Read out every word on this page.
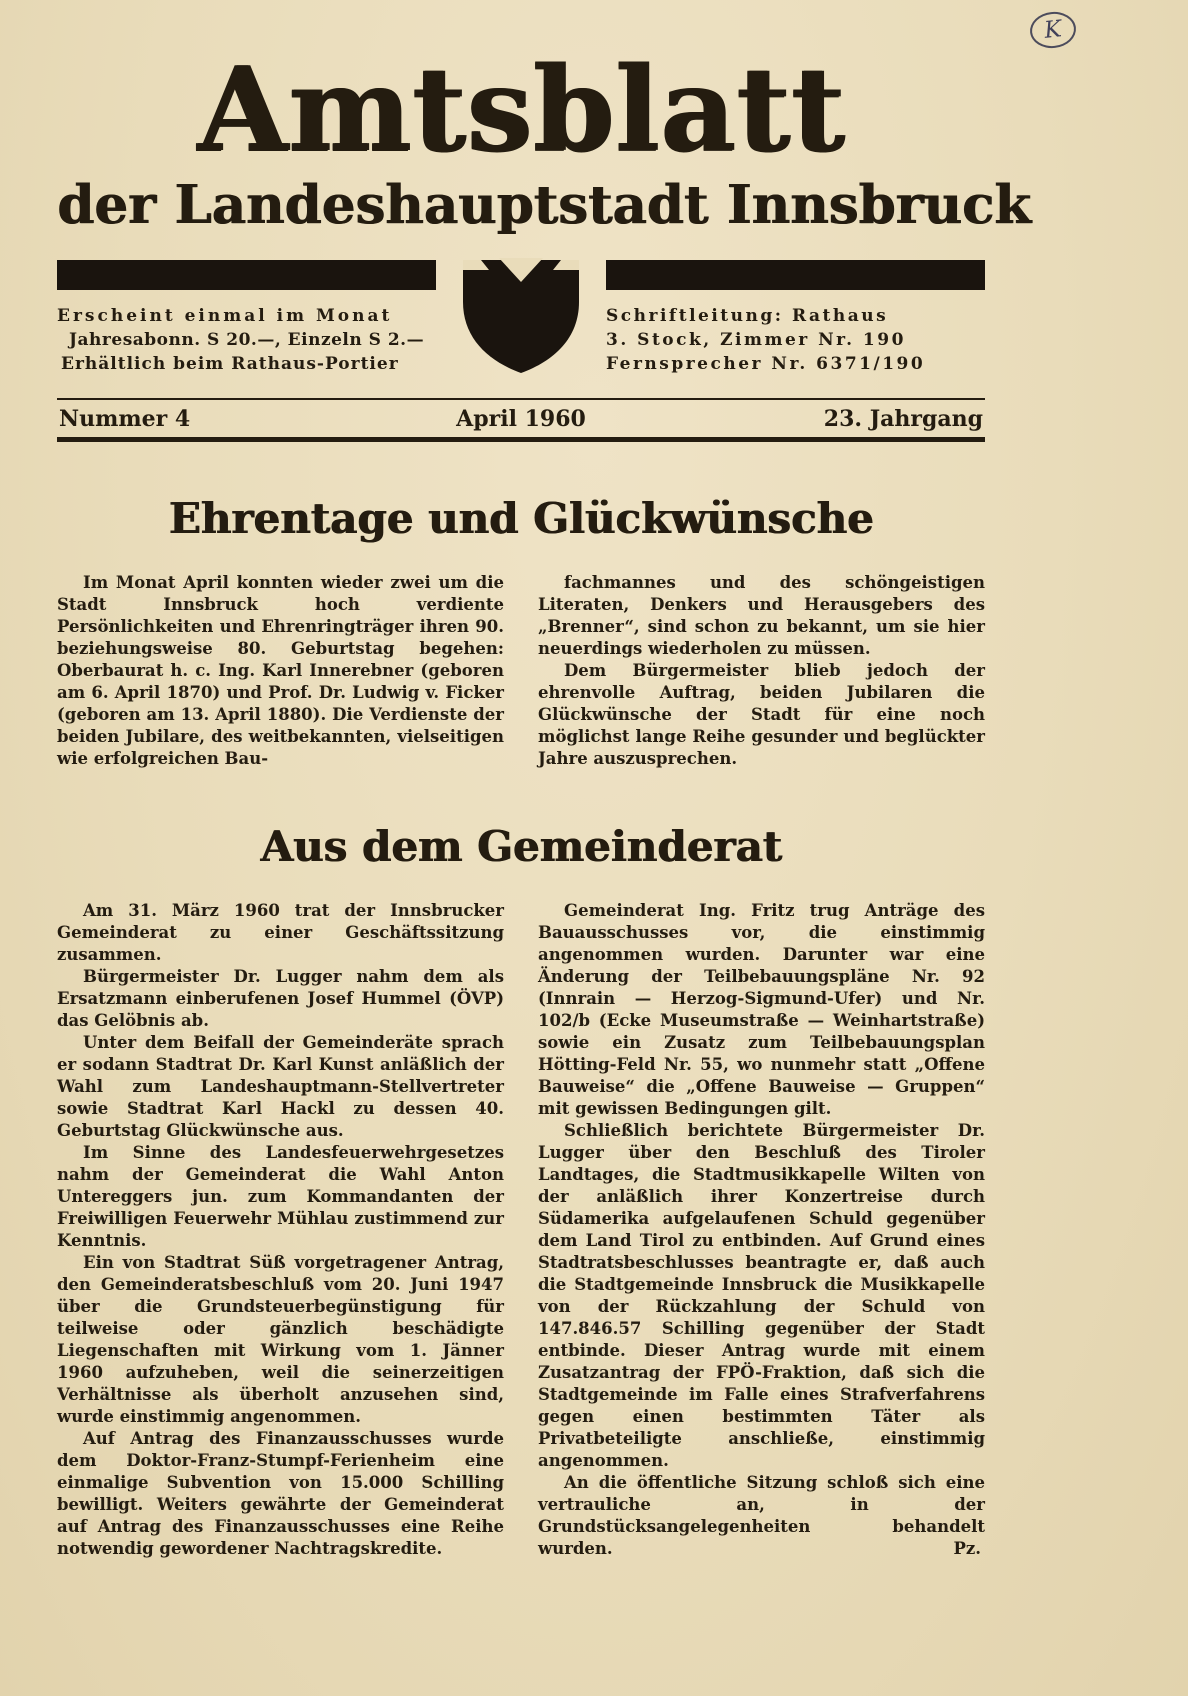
K
Amtsblatt
der Landeshauptstadt Innsbruck
Erscheint einmal im Monat
Jahresabonn. S 20.—, Einzeln S 2.—
Erhältlich beim Rathaus-Portier
Schriftleitung: Rathaus
3. Stock, Zimmer Nr. 190
Fernsprecher Nr. 6371/190
Nummer 4	April 1960	23. Jahrgang
Ehrentage und Glückwünsche

Im Monat April konnten wieder zwei um die Stadt Innsbruck hoch verdiente Persönlichkeiten und Ehrenringträger ihren 90. beziehungsweise 80. Geburtstag begehen: Oberbaurat h. c. Ing. Karl Innerebner (geboren am 6. April 1870) und Prof. Dr. Ludwig v. Ficker (geboren am 13. April 1880). Die Verdienste der beiden Jubilare, des weitbekannten, vielseitigen wie erfolgreichen Bau-

fachmannes und des schöngeistigen Literaten, Denkers und Herausgebers des „Brenner“, sind schon zu bekannt, um sie hier neuerdings wiederholen zu müssen.

Dem Bürgermeister blieb jedoch der ehrenvolle Auftrag, beiden Jubilaren die Glückwünsche der Stadt für eine noch möglichst lange Reihe gesunder und beglückter Jahre auszusprechen.

Aus dem Gemeinderat

Am 31. März 1960 trat der Innsbrucker Gemeinderat zu einer Geschäftssitzung zusammen.

Bürgermeister Dr. Lugger nahm dem als Ersatzmann einberufenen Josef Hummel (ÖVP) das Gelöbnis ab.

Unter dem Beifall der Gemeinderäte sprach er sodann Stadtrat Dr. Karl Kunst anläßlich der Wahl zum Landeshauptmann-Stellvertreter sowie Stadtrat Karl Hackl zu dessen 40. Geburtstag Glückwünsche aus.

Im Sinne des Landesfeuerwehrgesetzes nahm der Gemeinderat die Wahl Anton Untereggers jun. zum Kommandanten der Freiwilligen Feuerwehr Mühlau zustimmend zur Kenntnis.

Ein von Stadtrat Süß vorgetragener Antrag, den Gemeinderatsbeschluß vom 20. Juni 1947 über die Grundsteuerbegünstigung für teilweise oder gänzlich beschädigte Liegenschaften mit Wirkung vom 1. Jänner 1960 aufzuheben, weil die seinerzeitigen Verhältnisse als überholt anzusehen sind, wurde einstimmig angenommen.

Auf Antrag des Finanzausschusses wurde dem Doktor-Franz-Stumpf-Ferienheim eine einmalige Subvention von 15.000 Schilling bewilligt. Weiters gewährte der Gemeinderat auf Antrag des Finanzausschusses eine Reihe notwendig gewordener Nachtragskredite.

Gemeinderat Ing. Fritz trug Anträge des Bauausschusses vor, die einstimmig angenommen wurden. Darunter war eine Änderung der Teilbebauungspläne Nr. 92 (Innrain — Herzog-Sigmund-Ufer) und Nr. 102/b (Ecke Museumstraße — Weinhartstraße) sowie ein Zusatz zum Teilbebauungsplan Hötting-Feld Nr. 55, wo nunmehr statt „Offene Bauweise“ die „Offene Bauweise — Gruppen“ mit gewissen Bedingungen gilt.

Schließlich berichtete Bürgermeister Dr. Lugger über den Beschluß des Tiroler Landtages, die Stadtmusikkapelle Wilten von der anläßlich ihrer Konzertreise durch Südamerika aufgelaufenen Schuld gegenüber dem Land Tirol zu entbinden. Auf Grund eines Stadtratsbeschlusses beantragte er, daß auch die Stadtgemeinde Innsbruck die Musikkapelle von der Rückzahlung der Schuld von 147.846.57 Schilling gegenüber der Stadt entbinde. Dieser Antrag wurde mit einem Zusatzantrag der FPÖ-Fraktion, daß sich die Stadtgemeinde im Falle eines Strafverfahrens gegen einen bestimmten Täter als Privatbeteiligte anschließe, einstimmig angenommen.

An die öffentliche Sitzung schloß sich eine vertrauliche an, in der Grundstücksangelegenheiten behandelt wurden.	Pz.
